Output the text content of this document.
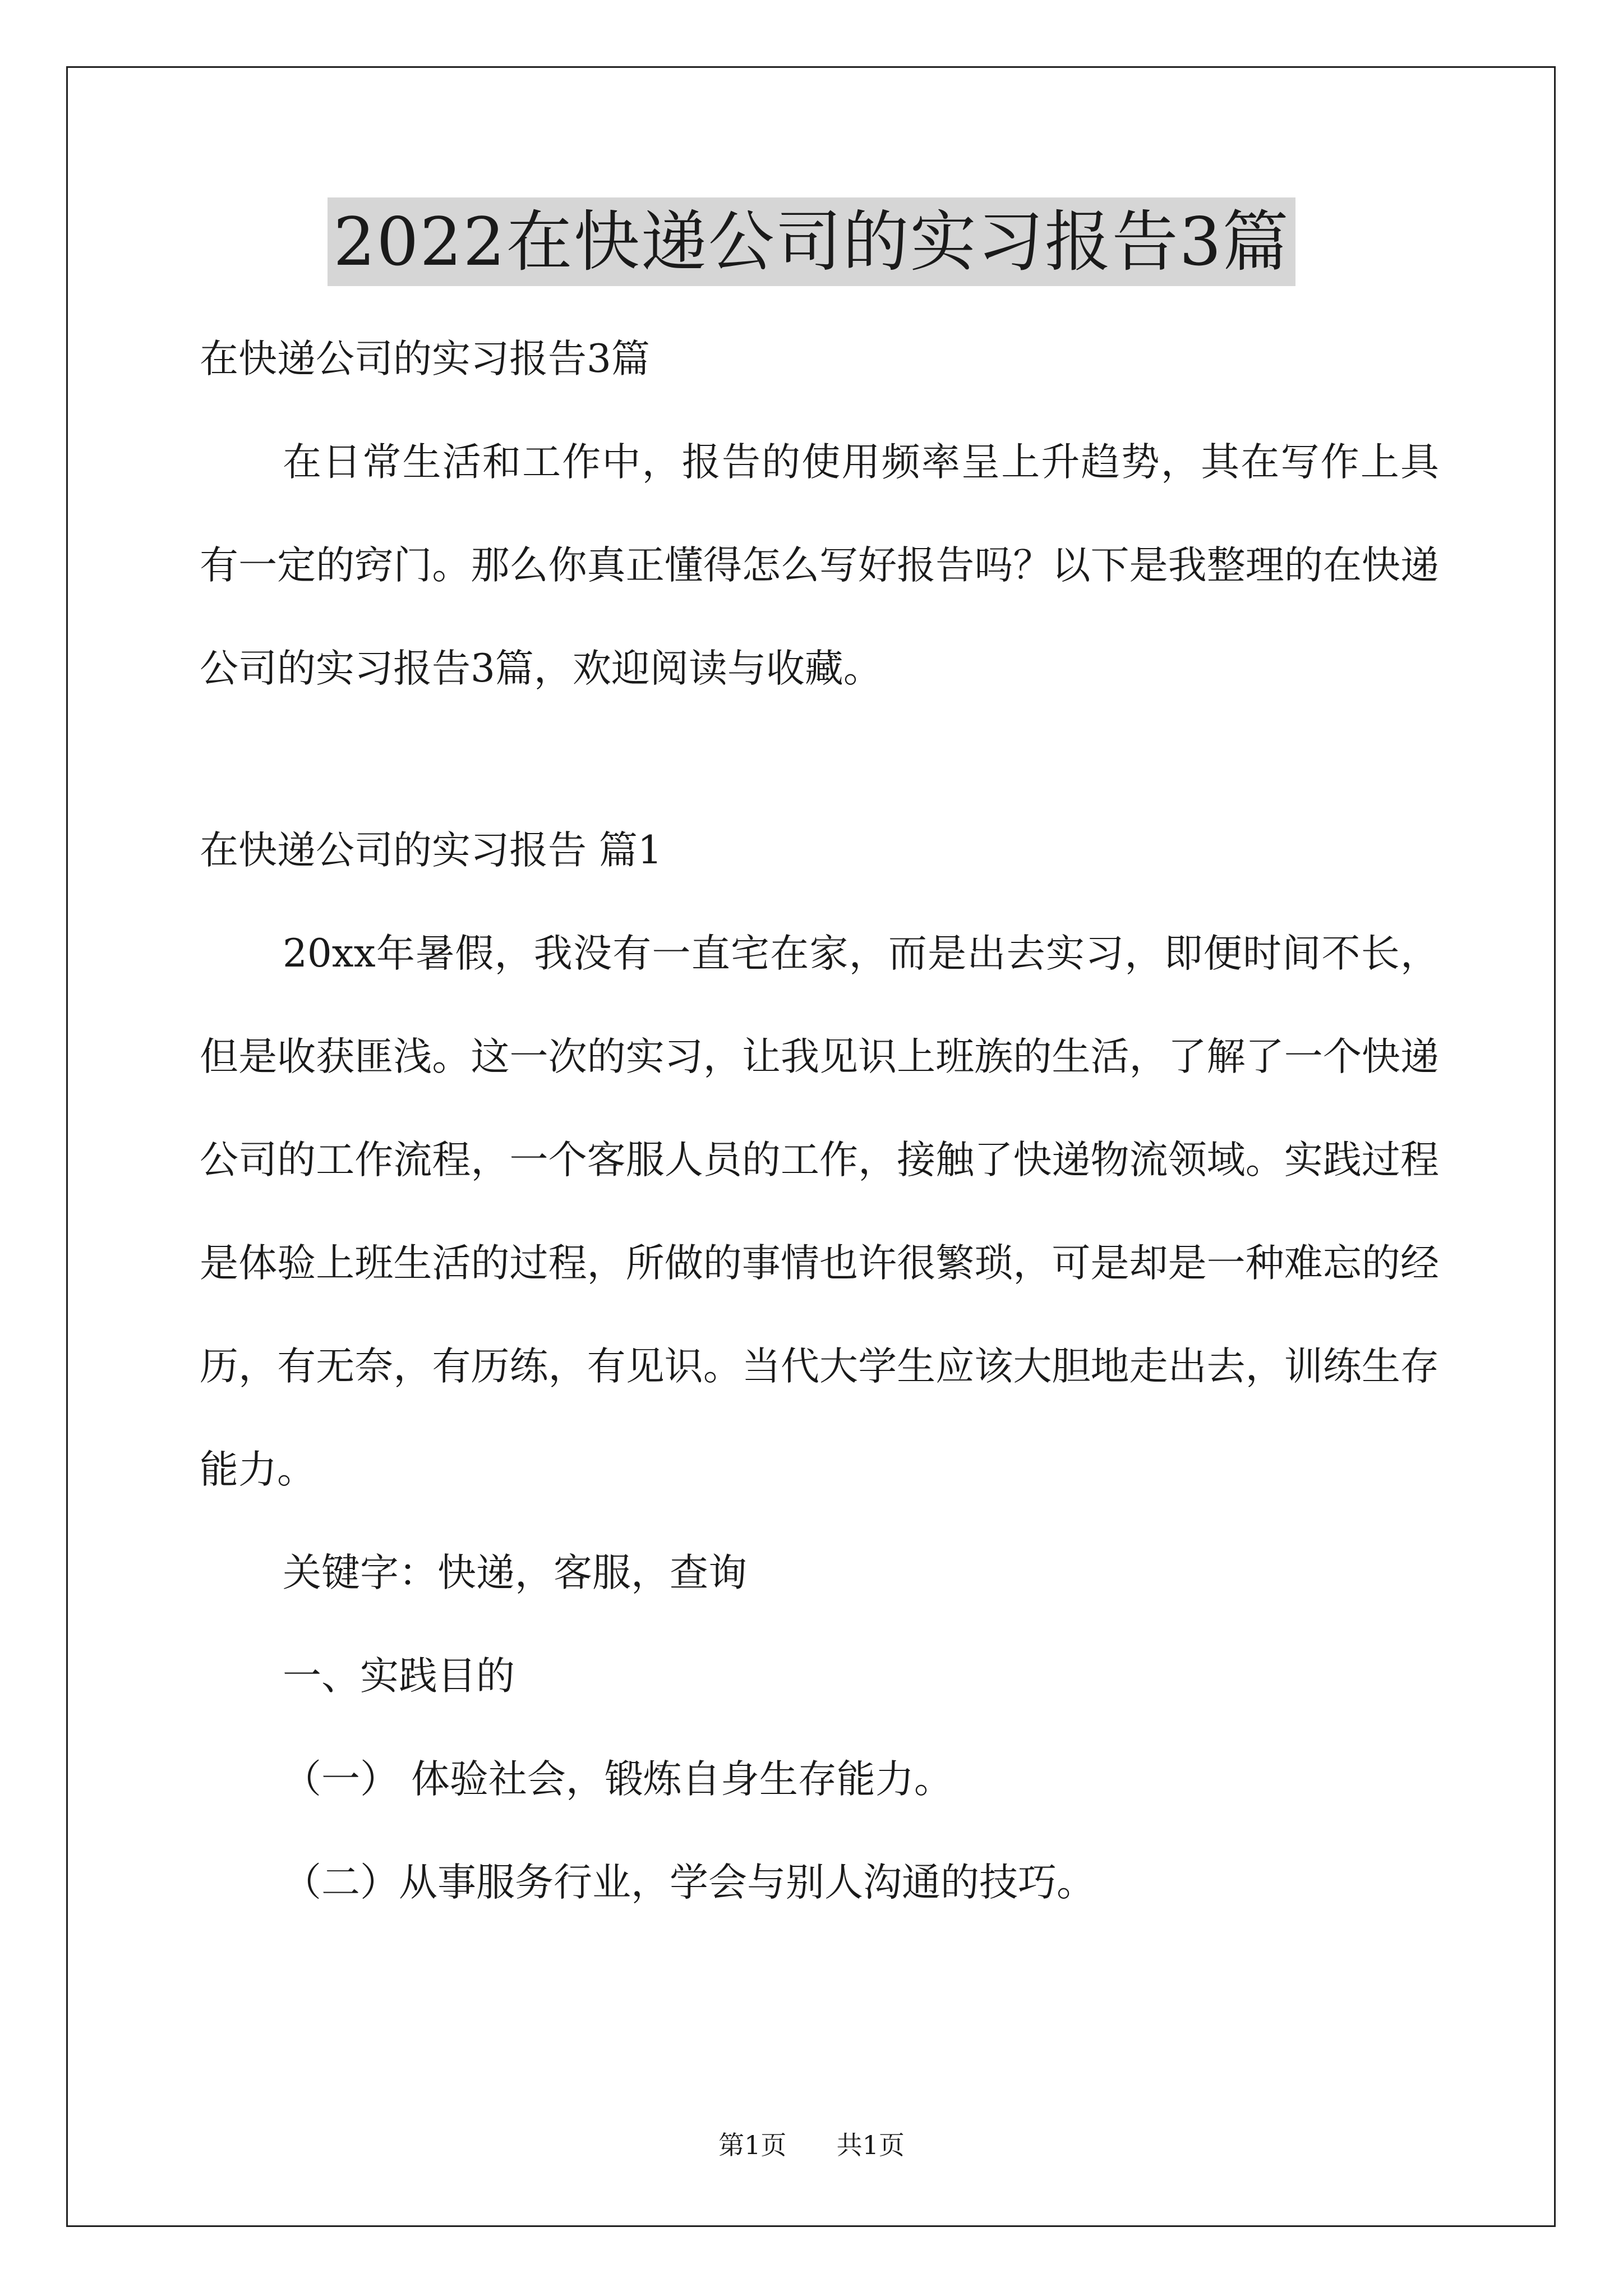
2022在快递公司的实习报告3篇

在快递公司的实习报告3篇

在日常生活和工作中，报告的使用频率呈上升趋势，其在写作上具有一定的窍门。那么你真正懂得怎么写好报告吗？以下是我整理的在快递公司的实习报告3篇，欢迎阅读与收藏。

在快递公司的实习报告 篇1

20xx年暑假，我没有一直宅在家，而是出去实习，即便时间不长，但是收获匪浅。这一次的实习，让我见识上班族的生活，了解了一个快递公司的工作流程，一个客服人员的工作，接触了快递物流领域。实践过程是体验上班生活的过程，所做的事情也许很繁琐，可是却是一种难忘的经历，有无奈，有历练，有见识。当代大学生应该大胆地走出去，训练生存能力。

关键字：快递，客服，查询

一、实践目的

（一） 体验社会，锻炼自身生存能力。

（二）从事服务行业，学会与别人沟通的技巧。

第1页 共1页
